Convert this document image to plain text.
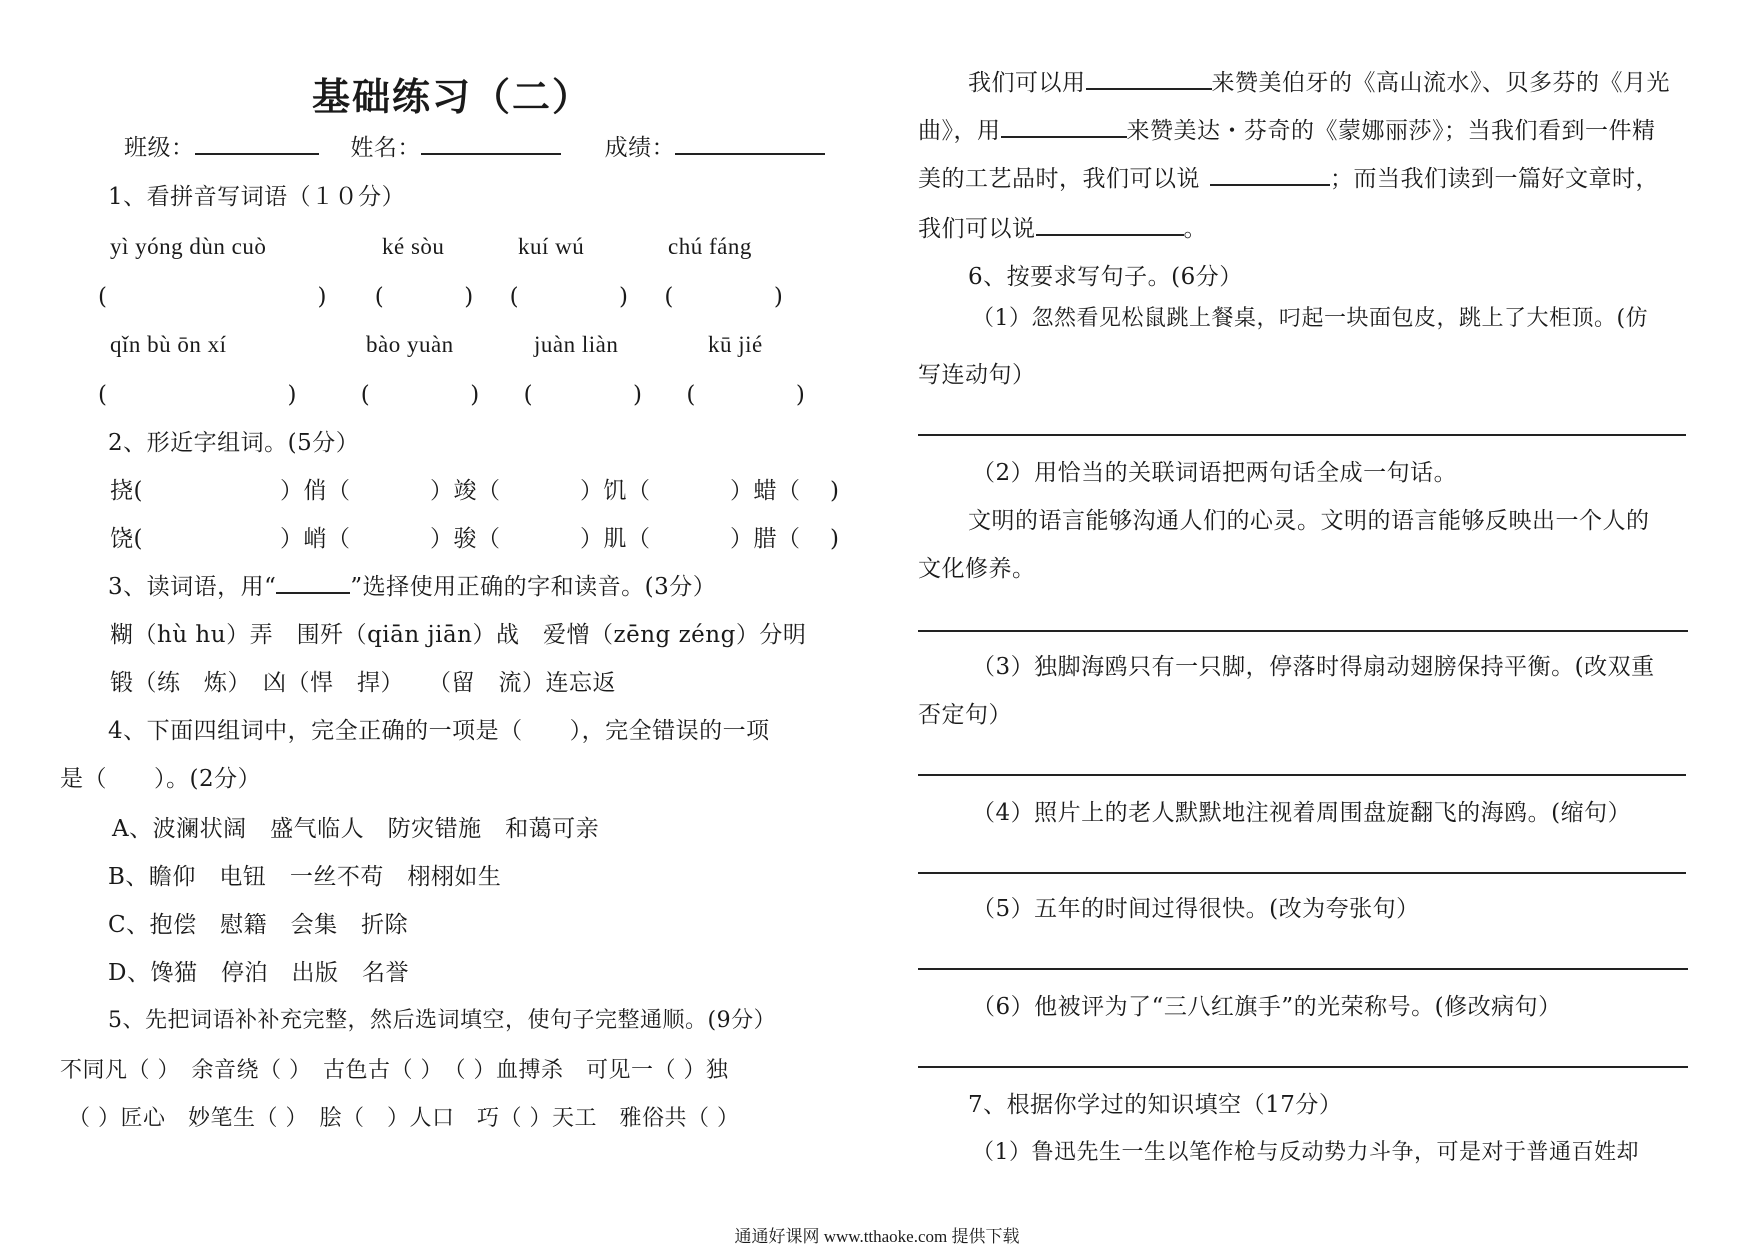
基础练习（二）
班级：	姓名：	成绩：
1、看拼音写词语（１０分）
yì yóng dùn cuò	ké sòu	kuí wú	chú fáng
(	) (	) (	) (	)
qǐn bù ōn xí	bào yuàn	juàn liàn	kū jié
(	)	(	) (	) (	)
2、形近字组词。(5分）
挠(	）俏（	）竣（	）饥（	）蜡（ )
饶(	）峭（	）骏（	）肌（	）腊（ )
3、读词语，用“	”选择使用正确的字和读音。(3分）
糊（hù hu）弄　围歼（qiān jiān）战　爱憎（zēng zéng）分明
锻（练　炼）　凶（悍　捍）　　（留　流）连忘返
4、下面四组词中，完全正确的一项是（　　），完全错误的一项
是（　　）。(2分）
A、波澜状阔　盛气临人　防灾错施　和蔼可亲
B、瞻仰　电钮　一丝不苟　栩栩如生
C、抱偿　慰籍　会集　折除
D、馋猫　停泊　出版　名誉
5、先把词语补补充完整，然后选词填空，使句子完整通顺。(9分）
不同凡（ ）　余音绕（ ）　古色古（ ）　（ ）血搏杀　可见一（ ）独
（ ）匠心　妙笔生（ ）　脍（　）人口　巧（ ）天工　雅俗共（ ）
我们可以用	来赞美伯牙的《高山流水》、贝多芬的《月光
曲》，用	来赞美达・芬奇的《蒙娜丽莎》；当我们看到一件精
美的工艺品时，我们可以说	；而当我们读到一篇好文章时，
我们可以说	。
6、按要求写句子。(6分）
（1）忽然看见松鼠跳上餐桌，叼起一块面包皮，跳上了大柜顶。(仿
写连动句）
（2）用恰当的关联词语把两句话全成一句话。
文明的语言能够沟通人们的心灵。文明的语言能够反映出一个人的
文化修养。
（3）独脚海鸥只有一只脚，停落时得扇动翅膀保持平衡。(改双重
否定句）
（4）照片上的老人默默地注视着周围盘旋翻飞的海鸥。(缩句）
（5）五年的时间过得很快。(改为夸张句）
（6）他被评为了“三八红旗手”的光荣称号。(修改病句）
7、根据你学过的知识填空（17分）
（1）鲁迅先生一生以笔作枪与反动势力斗争，可是对于普通百姓却
通通好课网 www.tthaoke.com 提供下载
